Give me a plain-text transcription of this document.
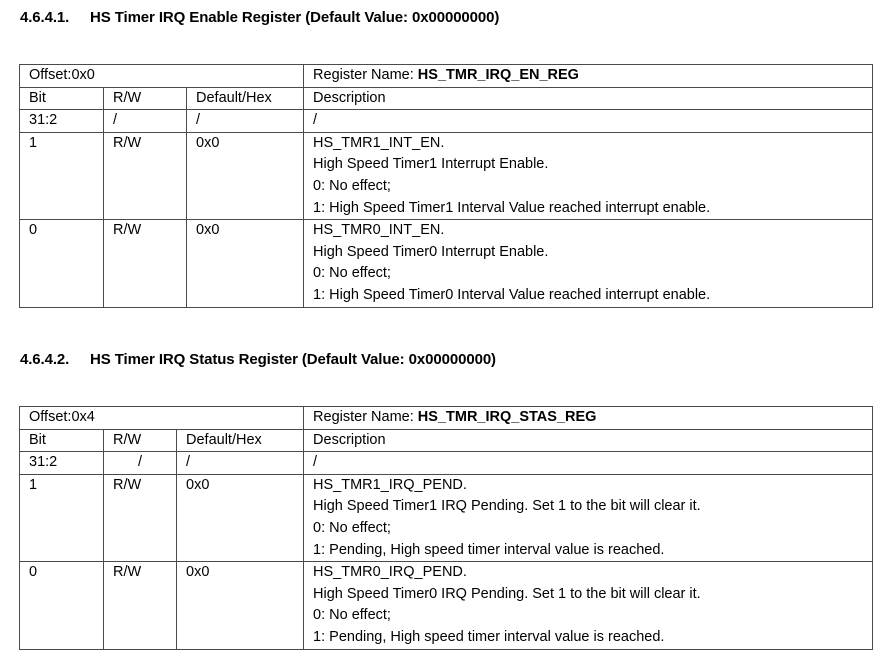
4.6.4.1. HS Timer IRQ Enable Register (Default Value: 0x00000000)
Offset:0x0			Register Name: HS_TMR_IRQ_EN_REG
Bit	R/W	Default/Hex	Description
31:2	/	/	/

1	R/W	0x0	HS_TMR1_INT_EN.
High Speed Timer1 Interrupt Enable.
0: No effect;
1: High Speed Timer1 Interval Value reached interrupt enable.

0	R/W	0x0	HS_TMR0_INT_EN.
High Speed Timer0 Interrupt Enable.
0: No effect;
1: High Speed Timer0 Interval Value reached interrupt enable.
4.6.4.2. HS Timer IRQ Status Register (Default Value: 0x00000000)
Offset:0x4			Register Name: HS_TMR_IRQ_STAS_REG
Bit	R/W	Default/Hex	Description
31:2	/	/	/

1	R/W	0x0	HS_TMR1_IRQ_PEND.
High Speed Timer1 IRQ Pending. Set 1 to the bit will clear it.
0: No effect;
1: Pending, High speed timer interval value is reached.

0	R/W	0x0	HS_TMR0_IRQ_PEND.
High Speed Timer0 IRQ Pending. Set 1 to the bit will clear it.
0: No effect;
1: Pending, High speed timer interval value is reached.
